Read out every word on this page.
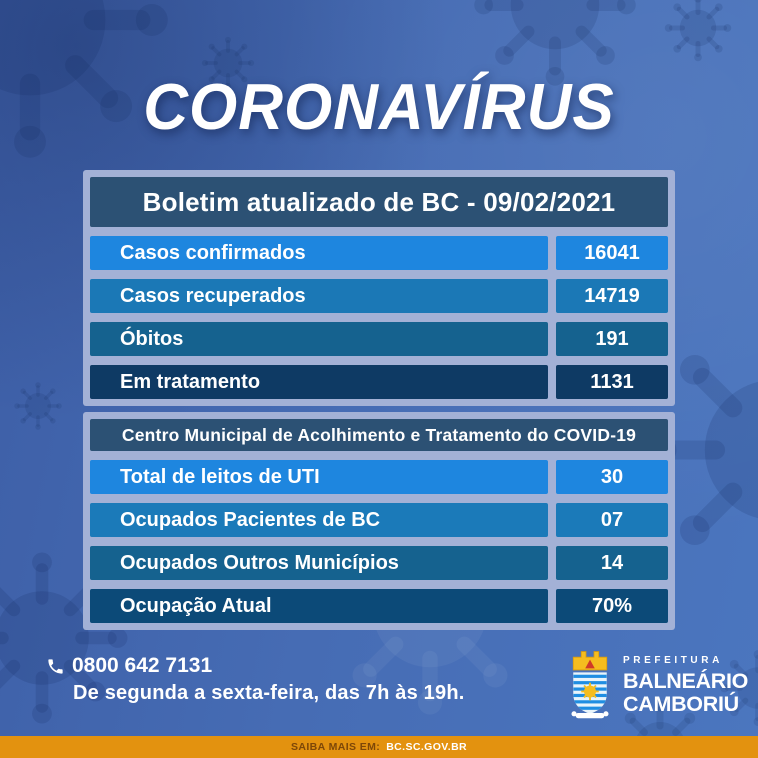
CORONAVÍRUS
Boletim atualizado de BC - 09/02/2021
Casos confirmados	16041
Casos recuperados	14719
Óbitos	191
Em tratamento	1131
Centro Municipal de Acolhimento e Tratamento do COVID-19
Total de leitos de UTI	30
Ocupados Pacientes de BC	07
Ocupados Outros Municípios	14
Ocupação Atual	70%
0800 642 7131
De segunda a sexta-feira, das 7h às 19h.
PREFEITURA
BALNEÁRIO
CAMBORIÚ
SAIBA MAIS EM: BC.SC.GOV.BR
